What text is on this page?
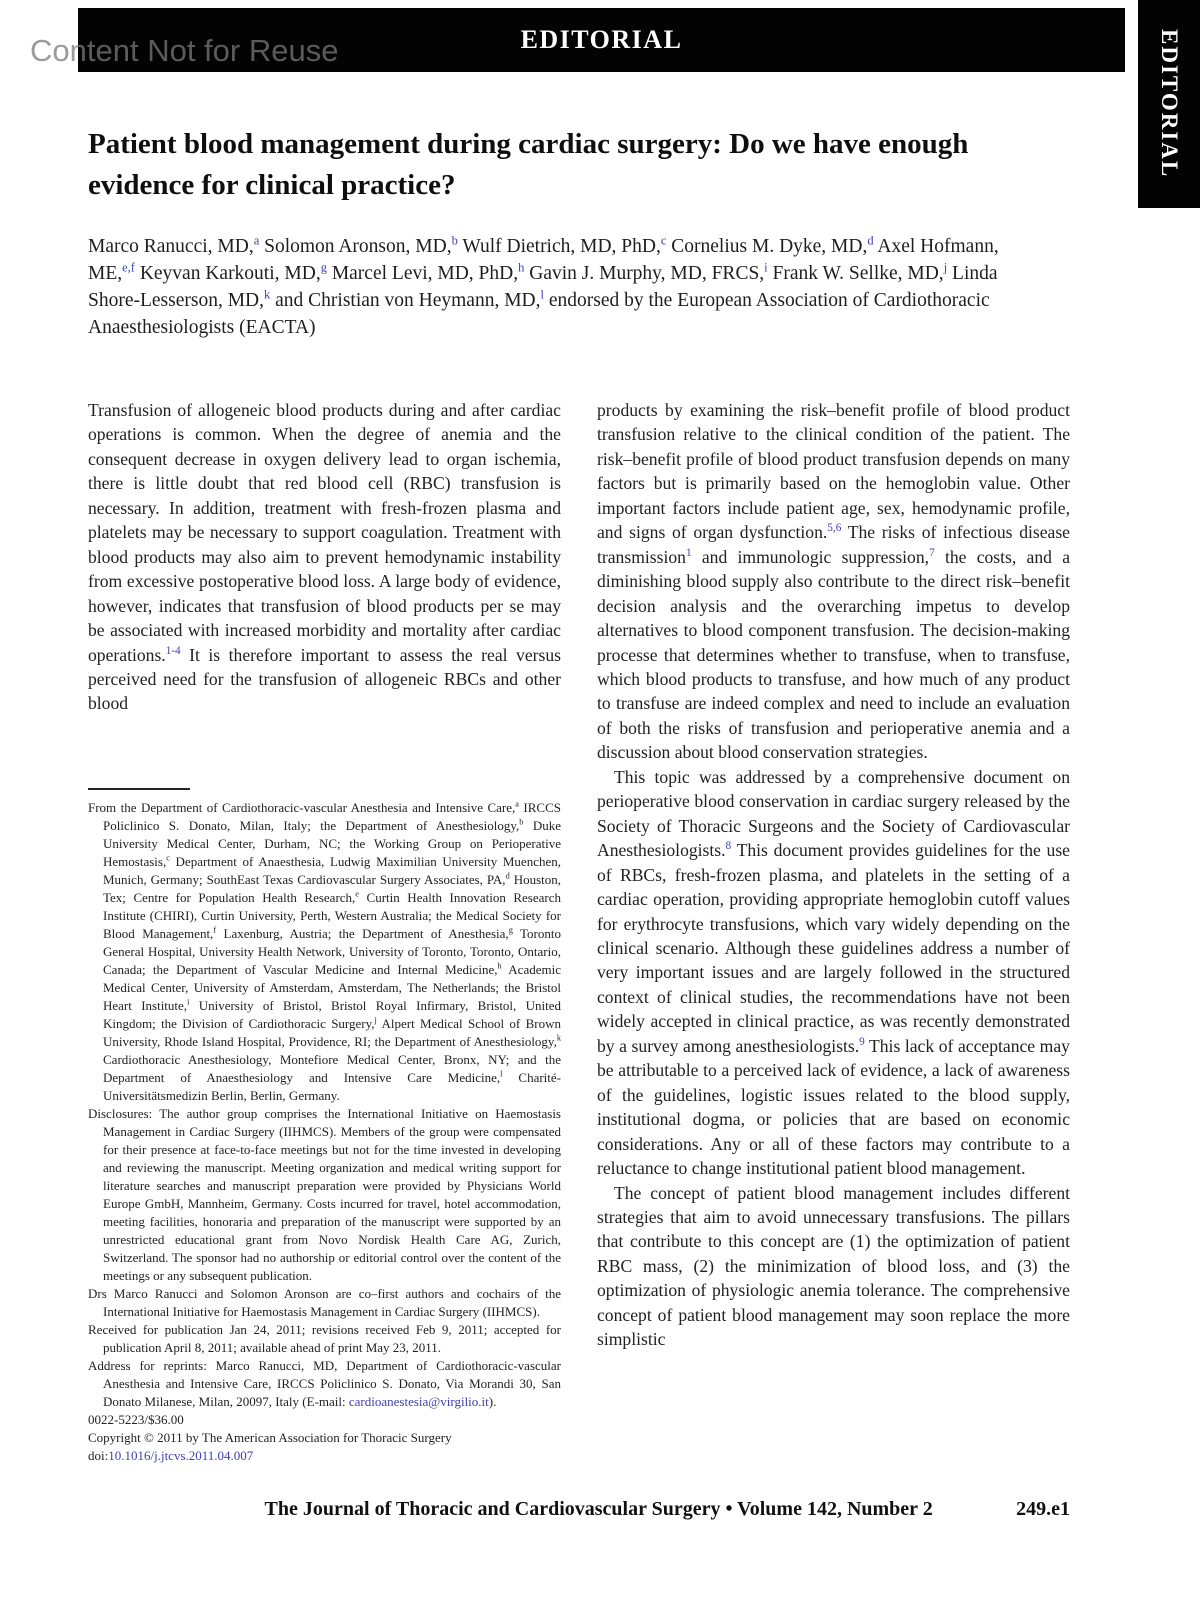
EDITORIAL	EDITORIAL
Content Not for Reuse
Patient blood management during cardiac surgery: Do we have enough evidence for clinical practice?
Marco Ranucci, MD,$^a$ Solomon Aronson, MD,$^b$ Wulf Dietrich, MD, PhD,$^c$ Cornelius M. Dyke, MD,$^d$ Axel Hofmann, ME,$^{e,f}$ Keyvan Karkouti, MD,$^g$ Marcel Levi, MD, PhD,$^h$ Gavin J. Murphy, MD, FRCS,$^i$ Frank W. Sellke, MD,$^j$ Linda Shore-Lesserson, MD,$^k$ and Christian von Heymann, MD,$^l$ endorsed by the European Association of Cardiothoracic Anaesthesiologists (EACTA)

Transfusion of allogeneic blood products during and after cardiac operations is common. When the degree of anemia and the consequent decrease in oxygen delivery lead to organ ischemia, there is little doubt that red blood cell (RBC) transfusion is necessary. In addition, treatment with fresh-frozen plasma and platelets may be necessary to support coagulation. Treatment with blood products may also aim to prevent hemodynamic instability from excessive postoperative blood loss. A large body of evidence, however, indicates that transfusion of blood products per se may be associated with increased morbidity and mortality after cardiac operations.$^{1-4}$ It is therefore important to assess the real versus perceived need for the transfusion of allogeneic RBCs and other blood

From the Department of Cardiothoracic-vascular Anesthesia and Intensive Care,$^a$ IRCCS Policlinico S. Donato, Milan, Italy; the Department of Anesthesiology,$^b$ Duke University Medical Center, Durham, NC; the Working Group on Perioperative Hemostasis,$^c$ Department of Anaesthesia, Ludwig Maximilian University Muenchen, Munich, Germany; SouthEast Texas Cardiovascular Surgery Associates, PA,$^d$ Houston, Tex; Centre for Population Health Research,$^e$ Curtin Health Innovation Research Institute (CHIRI), Curtin University, Perth, Western Australia; the Medical Society for Blood Management,$^f$ Laxenburg, Austria; the Department of Anesthesia,$^g$ Toronto General Hospital, University Health Network, University of Toronto, Toronto, Ontario, Canada; the Department of Vascular Medicine and Internal Medicine,$^h$ Academic Medical Center, University of Amsterdam, Amsterdam, The Netherlands; the Bristol Heart Institute,$^i$ University of Bristol, Bristol Royal Infirmary, Bristol, United Kingdom; the Division of Cardiothoracic Surgery,$^j$ Alpert Medical School of Brown University, Rhode Island Hospital, Providence, RI; the Department of Anesthesiology,$^k$ Cardiothoracic Anesthesiology, Montefiore Medical Center, Bronx, NY; and the Department of Anaesthesiology and Intensive Care Medicine,$^l$ Charité-Universitätsmedizin Berlin, Berlin, Germany.

Disclosures: The author group comprises the International Initiative on Haemostasis Management in Cardiac Surgery (IIHMCS). Members of the group were compensated for their presence at face-to-face meetings but not for the time invested in developing and reviewing the manuscript. Meeting organization and medical writing support for literature searches and manuscript preparation were provided by Physicians World Europe GmbH, Mannheim, Germany. Costs incurred for travel, hotel accommodation, meeting facilities, honoraria and preparation of the manuscript were supported by an unrestricted educational grant from Novo Nordisk Health Care AG, Zurich, Switzerland. The sponsor had no authorship or editorial control over the content of the meetings or any subsequent publication.

Drs Marco Ranucci and Solomon Aronson are co–first authors and cochairs of the International Initiative for Haemostasis Management in Cardiac Surgery (IIHMCS).

Received for publication Jan 24, 2011; revisions received Feb 9, 2011; accepted for publication April 8, 2011; available ahead of print May 23, 2011.

Address for reprints: Marco Ranucci, MD, Department of Cardiothoracic-vascular Anesthesia and Intensive Care, IRCCS Policlinico S. Donato, Via Morandi 30, San Donato Milanese, Milan, 20097, Italy (E-mail: cardioanestesia@virgilio.it).

0022-5223/$36.00

Copyright © 2011 by The American Association for Thoracic Surgery

doi:10.1016/j.jtcvs.2011.04.007

products by examining the risk–benefit profile of blood product transfusion relative to the clinical condition of the patient. The risk–benefit profile of blood product transfusion depends on many factors but is primarily based on the hemoglobin value. Other important factors include patient age, sex, hemodynamic profile, and signs of organ dysfunction.$^{5,6}$ The risks of infectious disease transmission$^1$ and immunologic suppression,$^7$ the costs, and a diminishing blood supply also contribute to the direct risk–benefit decision analysis and the overarching impetus to develop alternatives to blood component transfusion. The decision-making processe that determines whether to transfuse, when to transfuse, which blood products to transfuse, and how much of any product to transfuse are indeed complex and need to include an evaluation of both the risks of transfusion and perioperative anemia and a discussion about blood conservation strategies.

This topic was addressed by a comprehensive document on perioperative blood conservation in cardiac surgery released by the Society of Thoracic Surgeons and the Society of Cardiovascular Anesthesiologists.$^8$ This document provides guidelines for the use of RBCs, fresh-frozen plasma, and platelets in the setting of a cardiac operation, providing appropriate hemoglobin cutoff values for erythrocyte transfusions, which vary widely depending on the clinical scenario. Although these guidelines address a number of very important issues and are largely followed in the structured context of clinical studies, the recommendations have not been widely accepted in clinical practice, as was recently demonstrated by a survey among anesthesiologists.$^9$ This lack of acceptance may be attributable to a perceived lack of evidence, a lack of awareness of the guidelines, logistic issues related to the blood supply, institutional dogma, or policies that are based on economic considerations. Any or all of these factors may contribute to a reluctance to change institutional patient blood management.

The concept of patient blood management includes different strategies that aim to avoid unnecessary transfusions. The pillars that contribute to this concept are (1) the optimization of patient RBC mass, (2) the minimization of blood loss, and (3) the optimization of physiologic anemia tolerance. The comprehensive concept of patient blood management may soon replace the more simplistic

The Journal of Thoracic and Cardiovascular Surgery • Volume 142, Number 2	249.e1
